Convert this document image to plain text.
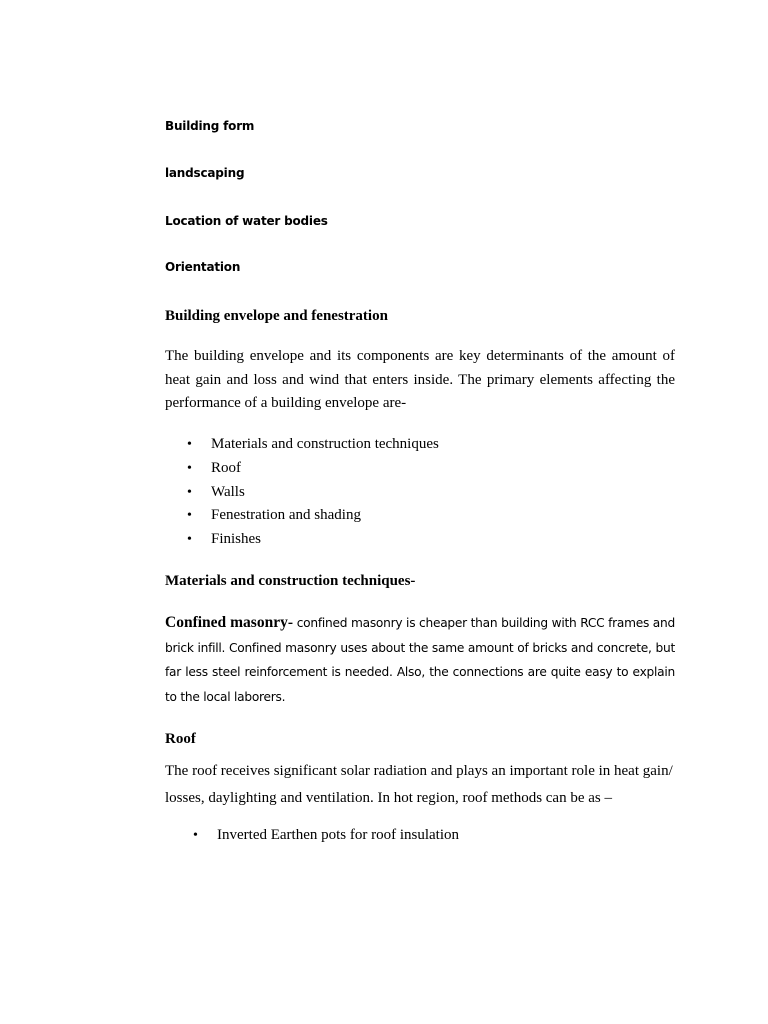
Building form

landscaping

Location of water bodies

Orientation

Building envelope and fenestration

The building envelope and its components are key determinants of the amount of heat gain and loss and wind that enters inside. The primary elements affecting the performance of a building envelope are-

• Materials and construction techniques
• Roof
• Walls
• Fenestration and shading
• Finishes
Materials and construction techniques-

Confined masonry- confined masonry is cheaper than building with RCC frames and brick infill. Confined masonry uses about the same amount of bricks and concrete, but far less steel reinforcement is needed. Also, the connections are quite easy to explain to the local laborers.

Roof

The roof receives significant solar radiation and plays an important role in heat gain/

losses, daylighting and ventilation. In hot region, roof methods can be as –

• Inverted Earthen pots for roof insulation
